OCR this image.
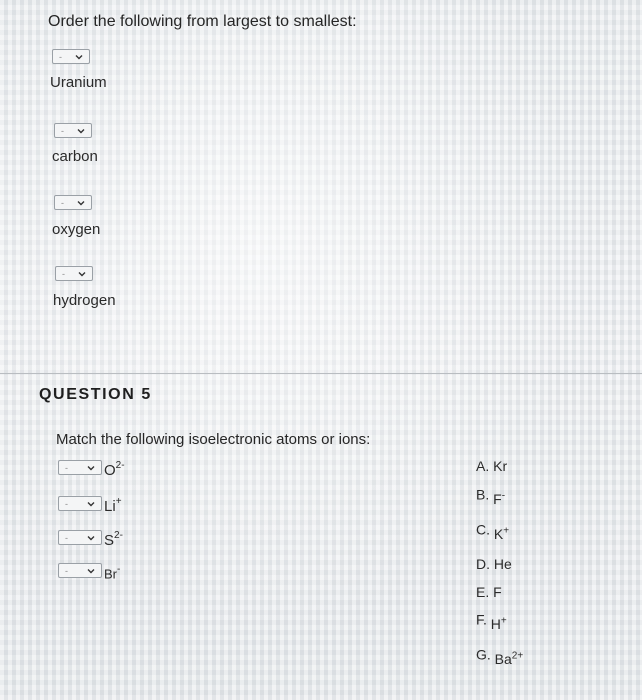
Order the following from largest to smallest:
-
Uranium
-
carbon
-
oxygen
-
hydrogen
QUESTION 5
Match the following isoelectronic atoms or ions:
- $O^{2-}$
- Li+
- $S^{2-}$
-	Br-
A. Kr
B. F-
C. K+
D. He
E. F
F. H+
G. $Ba^{2+}$
